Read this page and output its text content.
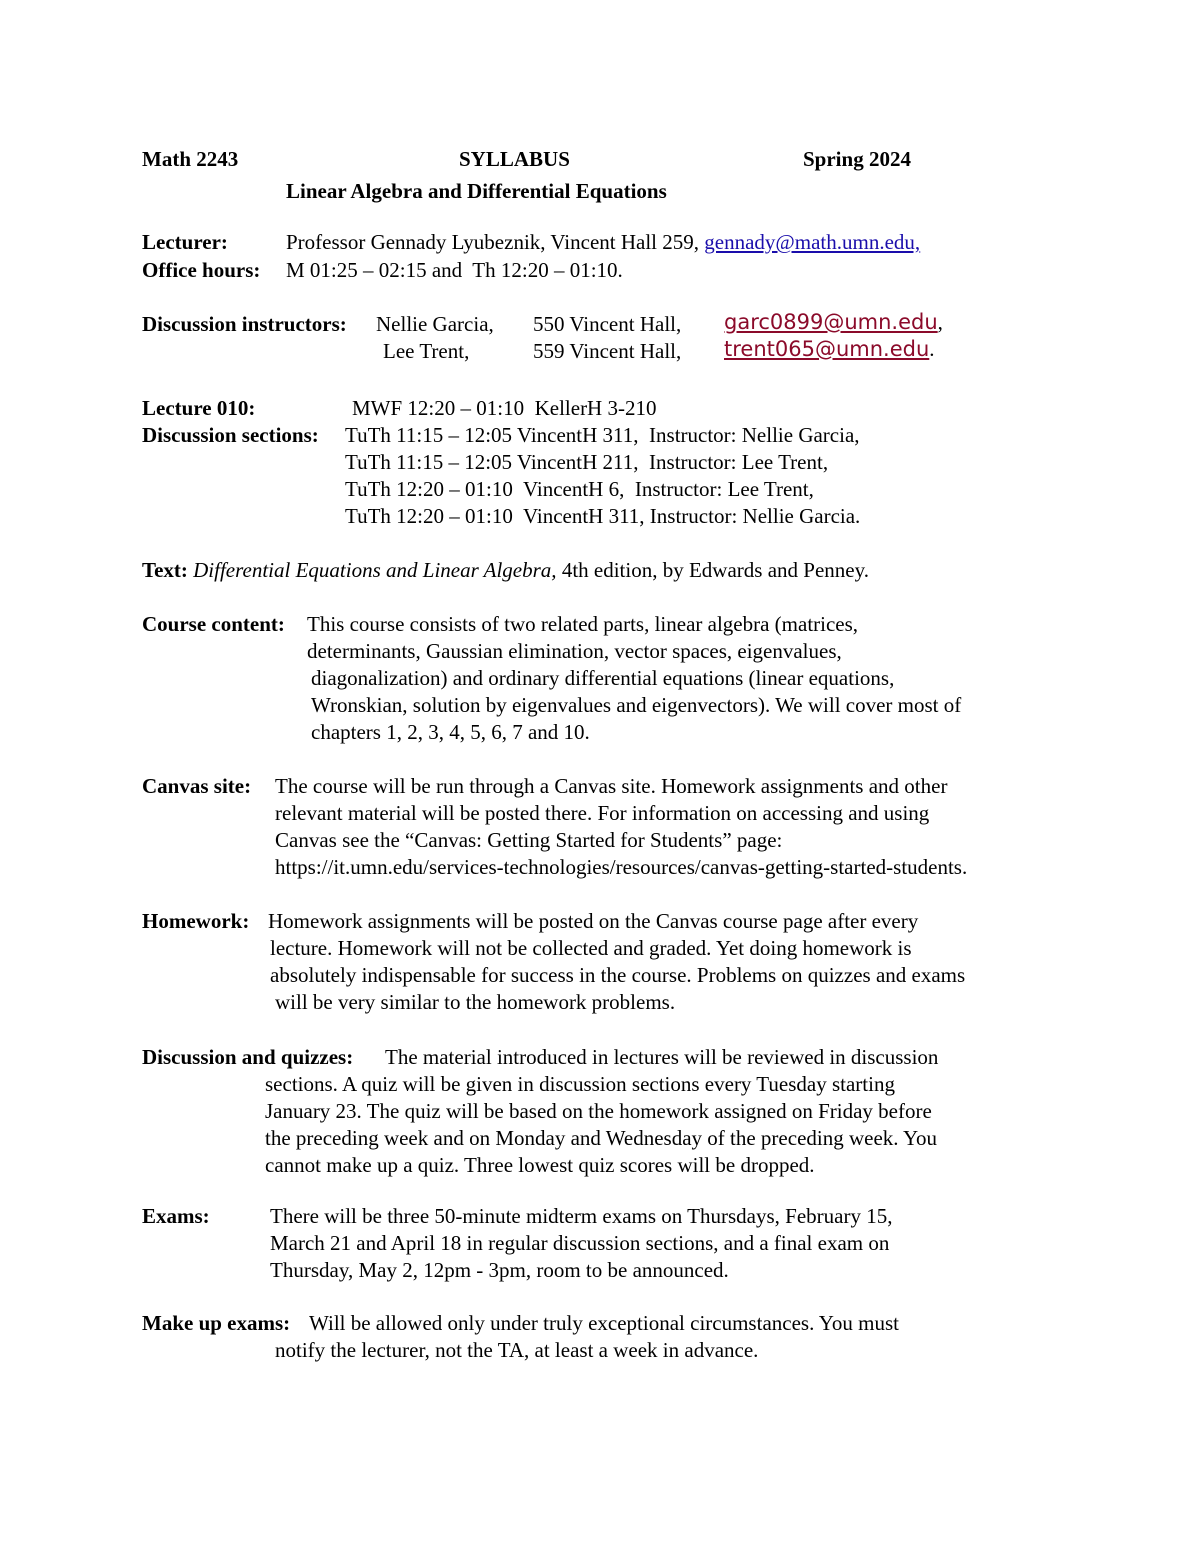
Math 2243	SYLLABUS	Spring 2024
Linear Algebra and Differential Equations
Lecturer:	Professor Gennady Lyubeznik, Vincent Hall 259, gennady@math.umn.edu,
Office hours: M 01:25 – 02:15 and  Th 12:20 – 01:10.
Discussion instructors: Nellie Garcia, 550 Vincent Hall, garc0899@umn.edu,
Lee Trent,	559 Vincent Hall, trent065@umn.edu.
Lecture 010:	MWF 12:20 – 01:10  KellerH 3-210
Discussion sections: TuTh 11:15 – 12:05 VincentH 311,  Instructor: Nellie Garcia,
TuTh 11:15 – 12:05 VincentH 211,  Instructor: Lee Trent,
TuTh 12:20 – 01:10  VincentH 6,  Instructor: Lee Trent,
TuTh 12:20 – 01:10  VincentH 311, Instructor: Nellie Garcia.
Text: Differential Equations and Linear Algebra, 4th edition, by Edwards and Penney.
Course content: This course consists of two related parts, linear algebra (matrices,
determinants, Gaussian elimination, vector spaces, eigenvalues,
diagonalization) and ordinary differential equations (linear equations,
Wronskian, solution by eigenvalues and eigenvectors). We will cover most of
chapters 1, 2, 3, 4, 5, 6, 7 and 10.
Canvas site: The course will be run through a Canvas site. Homework assignments and other
relevant material will be posted there. For information on accessing and using
Canvas see the “Canvas: Getting Started for Students” page:
https://it.umn.edu/services-technologies/resources/canvas-getting-started-students.
Homework: Homework assignments will be posted on the Canvas course page after every
lecture. Homework will not be collected and graded. Yet doing homework is
absolutely indispensable for success in the course. Problems on quizzes and exams
will be very similar to the homework problems.
Discussion and quizzes: The material introduced in lectures will be reviewed in discussion
sections. A quiz will be given in discussion sections every Tuesday starting
January 23. The quiz will be based on the homework assigned on Friday before
the preceding week and on Monday and Wednesday of the preceding week. You
cannot make up a quiz. Three lowest quiz scores will be dropped.
Exams:	There will be three 50-minute midterm exams on Thursdays, February 15,
March 21 and April 18 in regular discussion sections, and a final exam on
Thursday, May 2, 12pm - 3pm, room to be announced.
Make up exams: Will be allowed only under truly exceptional circumstances. You must
notify the lecturer, not the TA, at least a week in advance.
